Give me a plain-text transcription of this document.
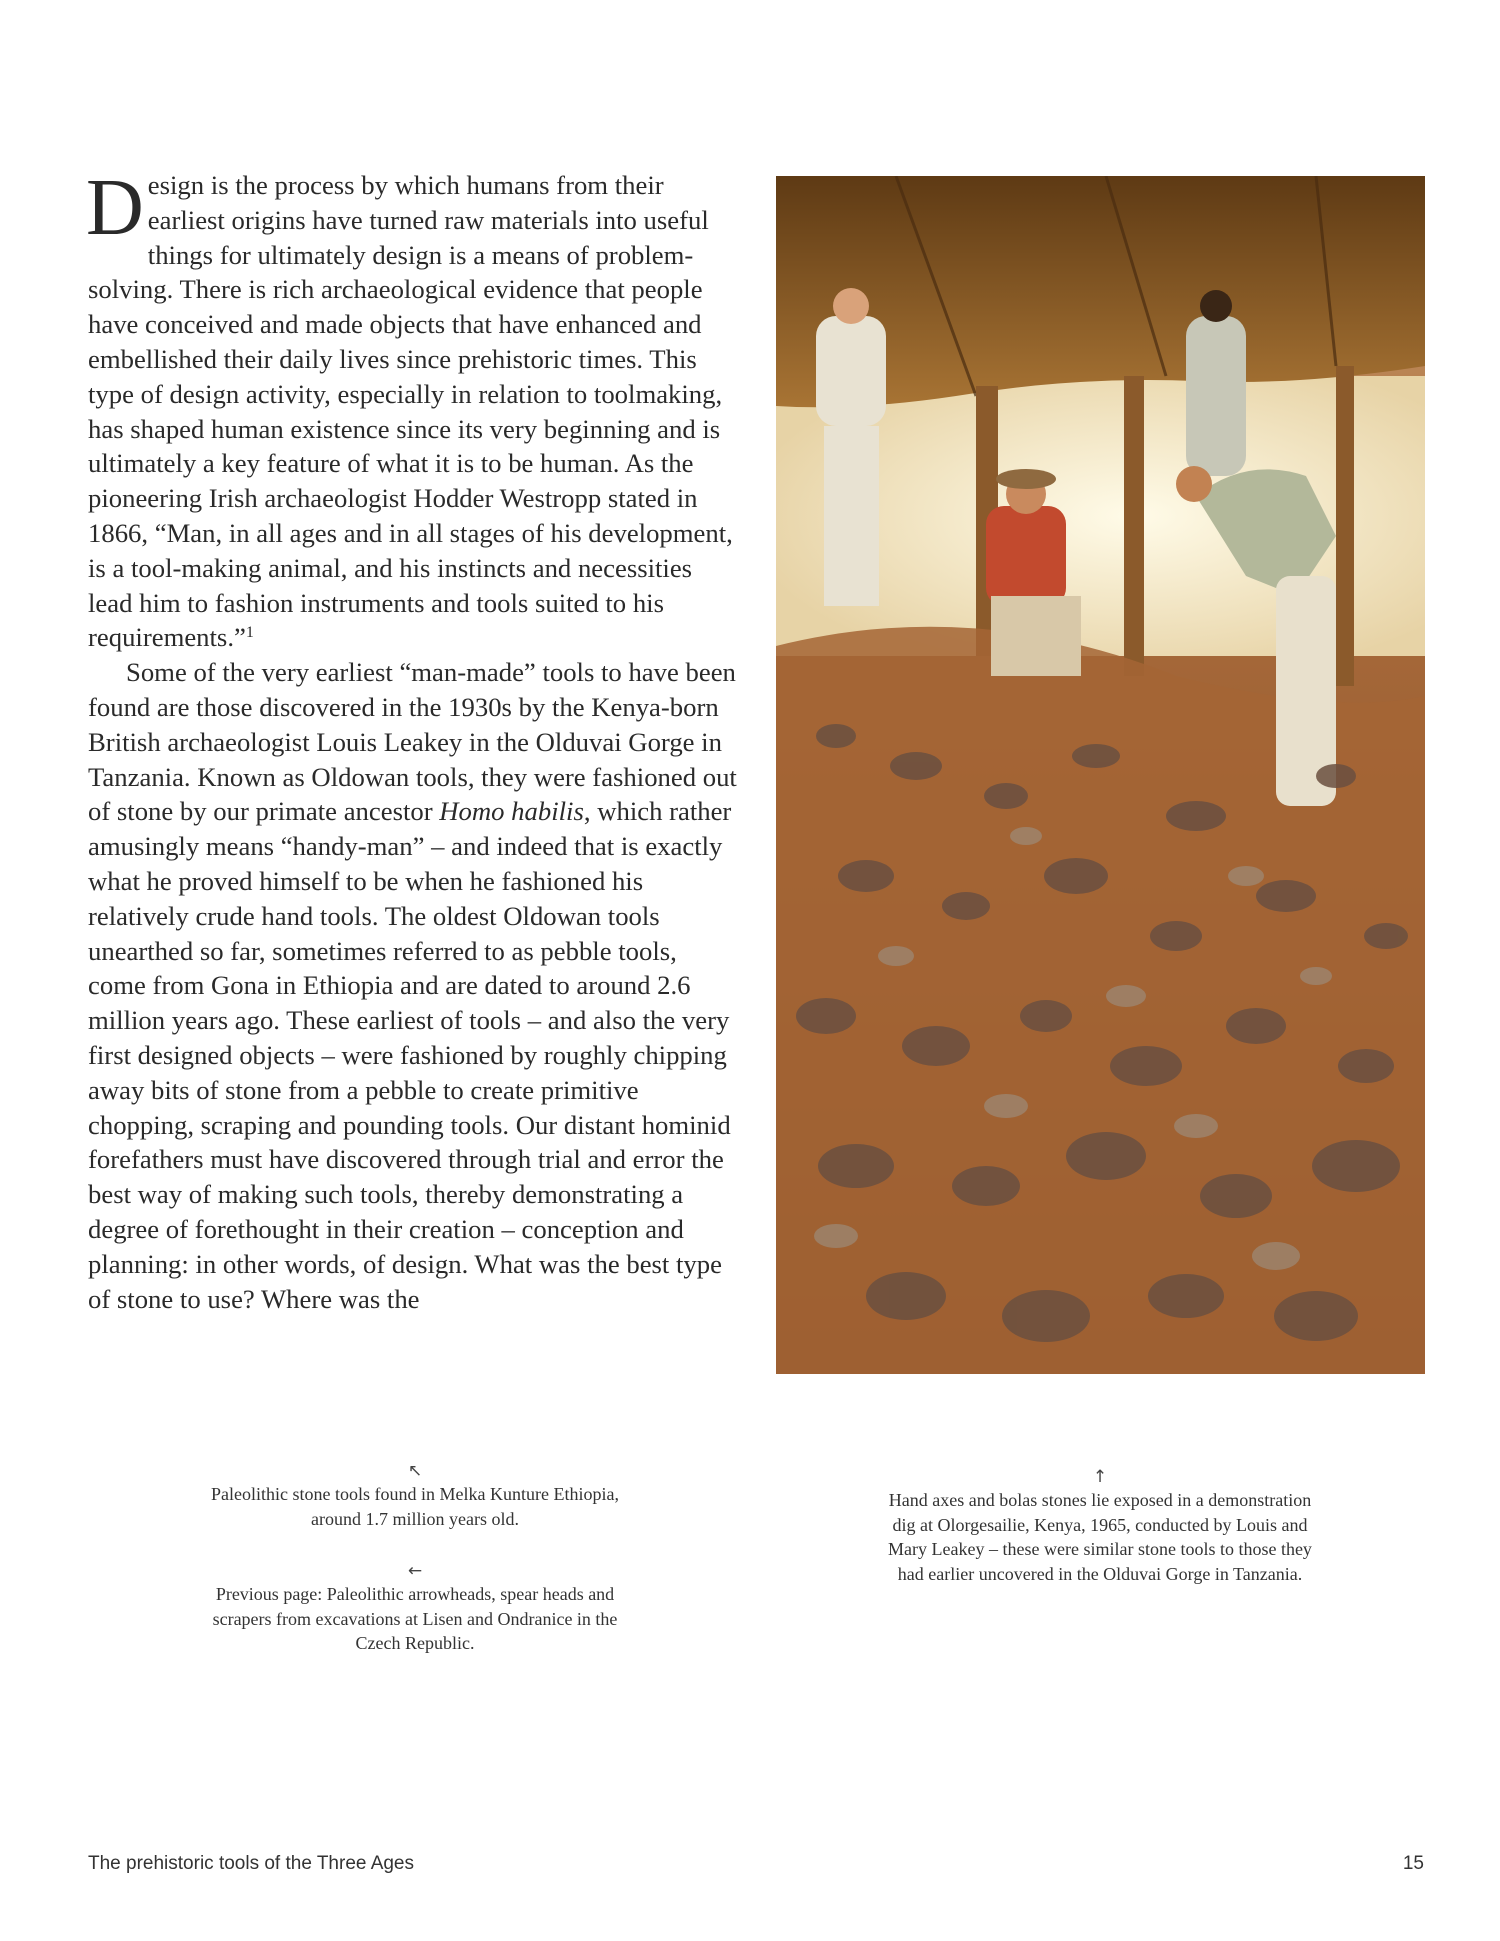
Design is the process by which humans from their earliest origins have turned raw materials into useful things for ultimately design is a means of problem-solving. There is rich archaeological evidence that people have conceived and made objects that have enhanced and embellished their daily lives since prehistoric times. This type of design activity, especially in relation to toolmaking, has shaped human existence since its very beginning and is ultimately a key feature of what it is to be human. As the pioneering Irish archaeologist Hodder Westropp stated in 1866, “Man, in all ages and in all stages of his development, is a tool-making animal, and his instincts and necessities lead him to fashion instruments and tools suited to his requirements.”$^1$

Some of the very earliest “man-made” tools to have been found are those discovered in the 1930s by the Kenya-born British archaeologist Louis Leakey in the Olduvai Gorge in Tanzania. Known as Oldowan tools, they were fashioned out of stone by our primate ancestor Homo habilis, which rather amusingly means “handy-man” – and indeed that is exactly what he proved himself to be when he fashioned his relatively crude hand tools. The oldest Oldowan tools unearthed so far, sometimes referred to as pebble tools, come from Gona in Ethiopia and are dated to around 2.6 million years ago. These earliest of tools – and also the very first designed objects – were fashioned by roughly chipping away bits of stone from a pebble to create primitive chopping, scraping and pounding tools. Our distant hominid forefathers must have discovered through trial and error the best way of making such tools, thereby demonstrating a degree of forethought in their creation – conception and planning: in other words, of design. What was the best type of stone to use? Where was the

↖
Paleolithic stone tools found in Melka Kunture Ethiopia, around 1.7 million years old.
←
Previous page: Paleolithic arrowheads, spear heads and scrapers from excavations at Lisen and Ondranice in the Czech Republic.
↑
Hand axes and bolas stones lie exposed in a demonstration dig at Olorgesailie, Kenya, 1965, conducted by Louis and Mary Leakey – these were similar stone tools to those they had earlier uncovered in the Olduvai Gorge in Tanzania.
The prehistoric tools of the Three Ages	15
